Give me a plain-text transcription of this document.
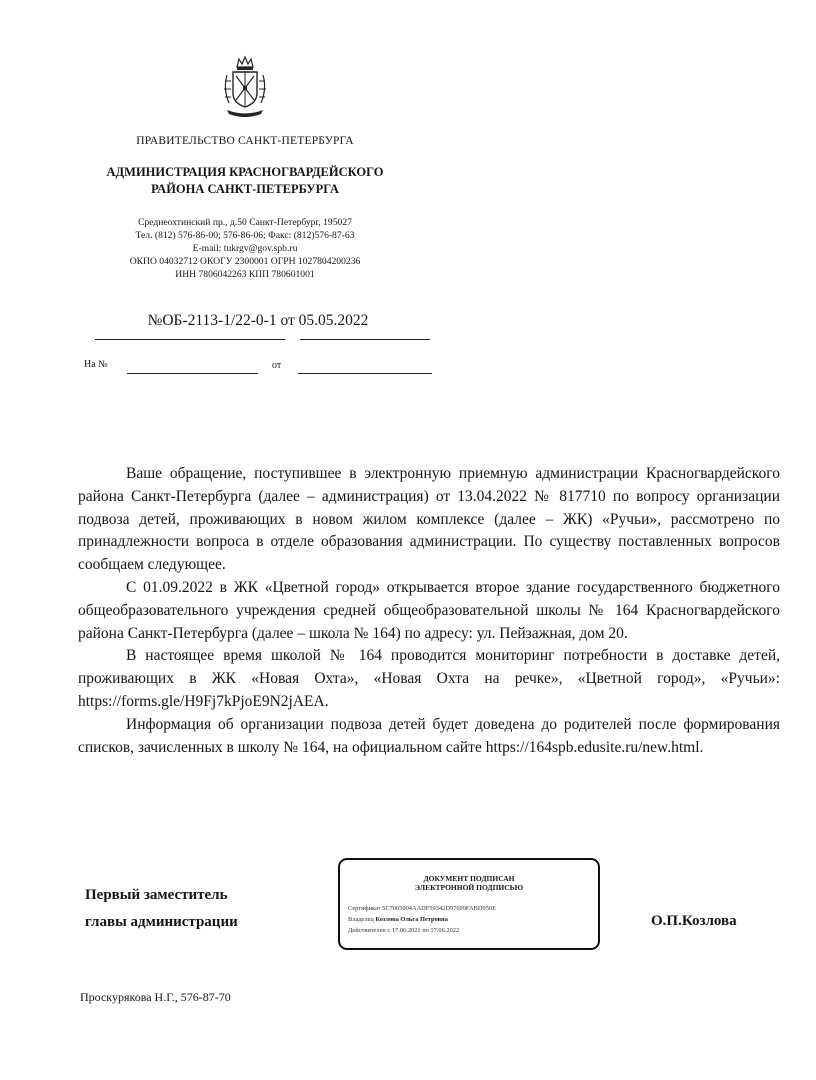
ПРАВИТЕЛЬСТВО САНКТ-ПЕТЕРБУРГА
АДМИНИСТРАЦИЯ КРАСНОГВАРДЕЙСКОГО
РАЙОНА САНКТ-ПЕТЕРБУРГА
Среднеохтинский пр., д.50 Санкт-Петербург, 195027
Тел. (812) 576-86-00; 576-86-06; Факс: (812)576-87-63
E-mail: tukrgv@gov.spb.ru
ОКПО 04032712 ОКОГУ 2300001 ОГРН 1027804200236
ИНН 7806042263 КПП 780601001
№ОБ-2113-1/22-0-1 от 05.05.2022
На №	от

Ваше обращение, поступившее в электронную приемную администрации Красногвардейского района Санкт-Петербурга (далее – администрация) от 13.04.2022 № 817710 по вопросу организации подвоза детей, проживающих в новом жилом комплексе (далее – ЖК) «Ручьи», рассмотрено по принадлежности вопроса в отделе образования администрации. По существу поставленных вопросов сообщаем следующее.

С 01.09.2022 в ЖК «Цветной город» открывается второе здание государственного бюджетного общеобразовательного учреждения средней общеобразовательной школы № 164 Красногвардейского района Санкт-Петербурга (далее – школа № 164) по адресу: ул. Пейзажная, дом 20.

В настоящее время школой № 164 проводится мониторинг потребности в доставке детей, проживающих в ЖК «Новая Охта», «Новая Охта на речке», «Цветной город», «Ручьи»: https://forms.gle/H9Fj7kPjoE9N2jAEA.

Информация об организации подвоза детей будет доведена до родителей после формирования списков, зачисленных в школу № 164, на официальном сайте https://164spb.edusite.ru/new.html.

Первый заместитель
главы администрации
ДОКУМЕНТ ПОДПИСАН
ЭЛЕКТРОННОЙ ПОДПИСЬЮ
Сертификат 5C7065004AADF59342D97699FABD950E
Владелец Козлова Ольга Петровна
Действителен с 17.06.2021 по 17.06.2022
О.П.Козлова
Проскурякова Н.Г., 576-87-70
